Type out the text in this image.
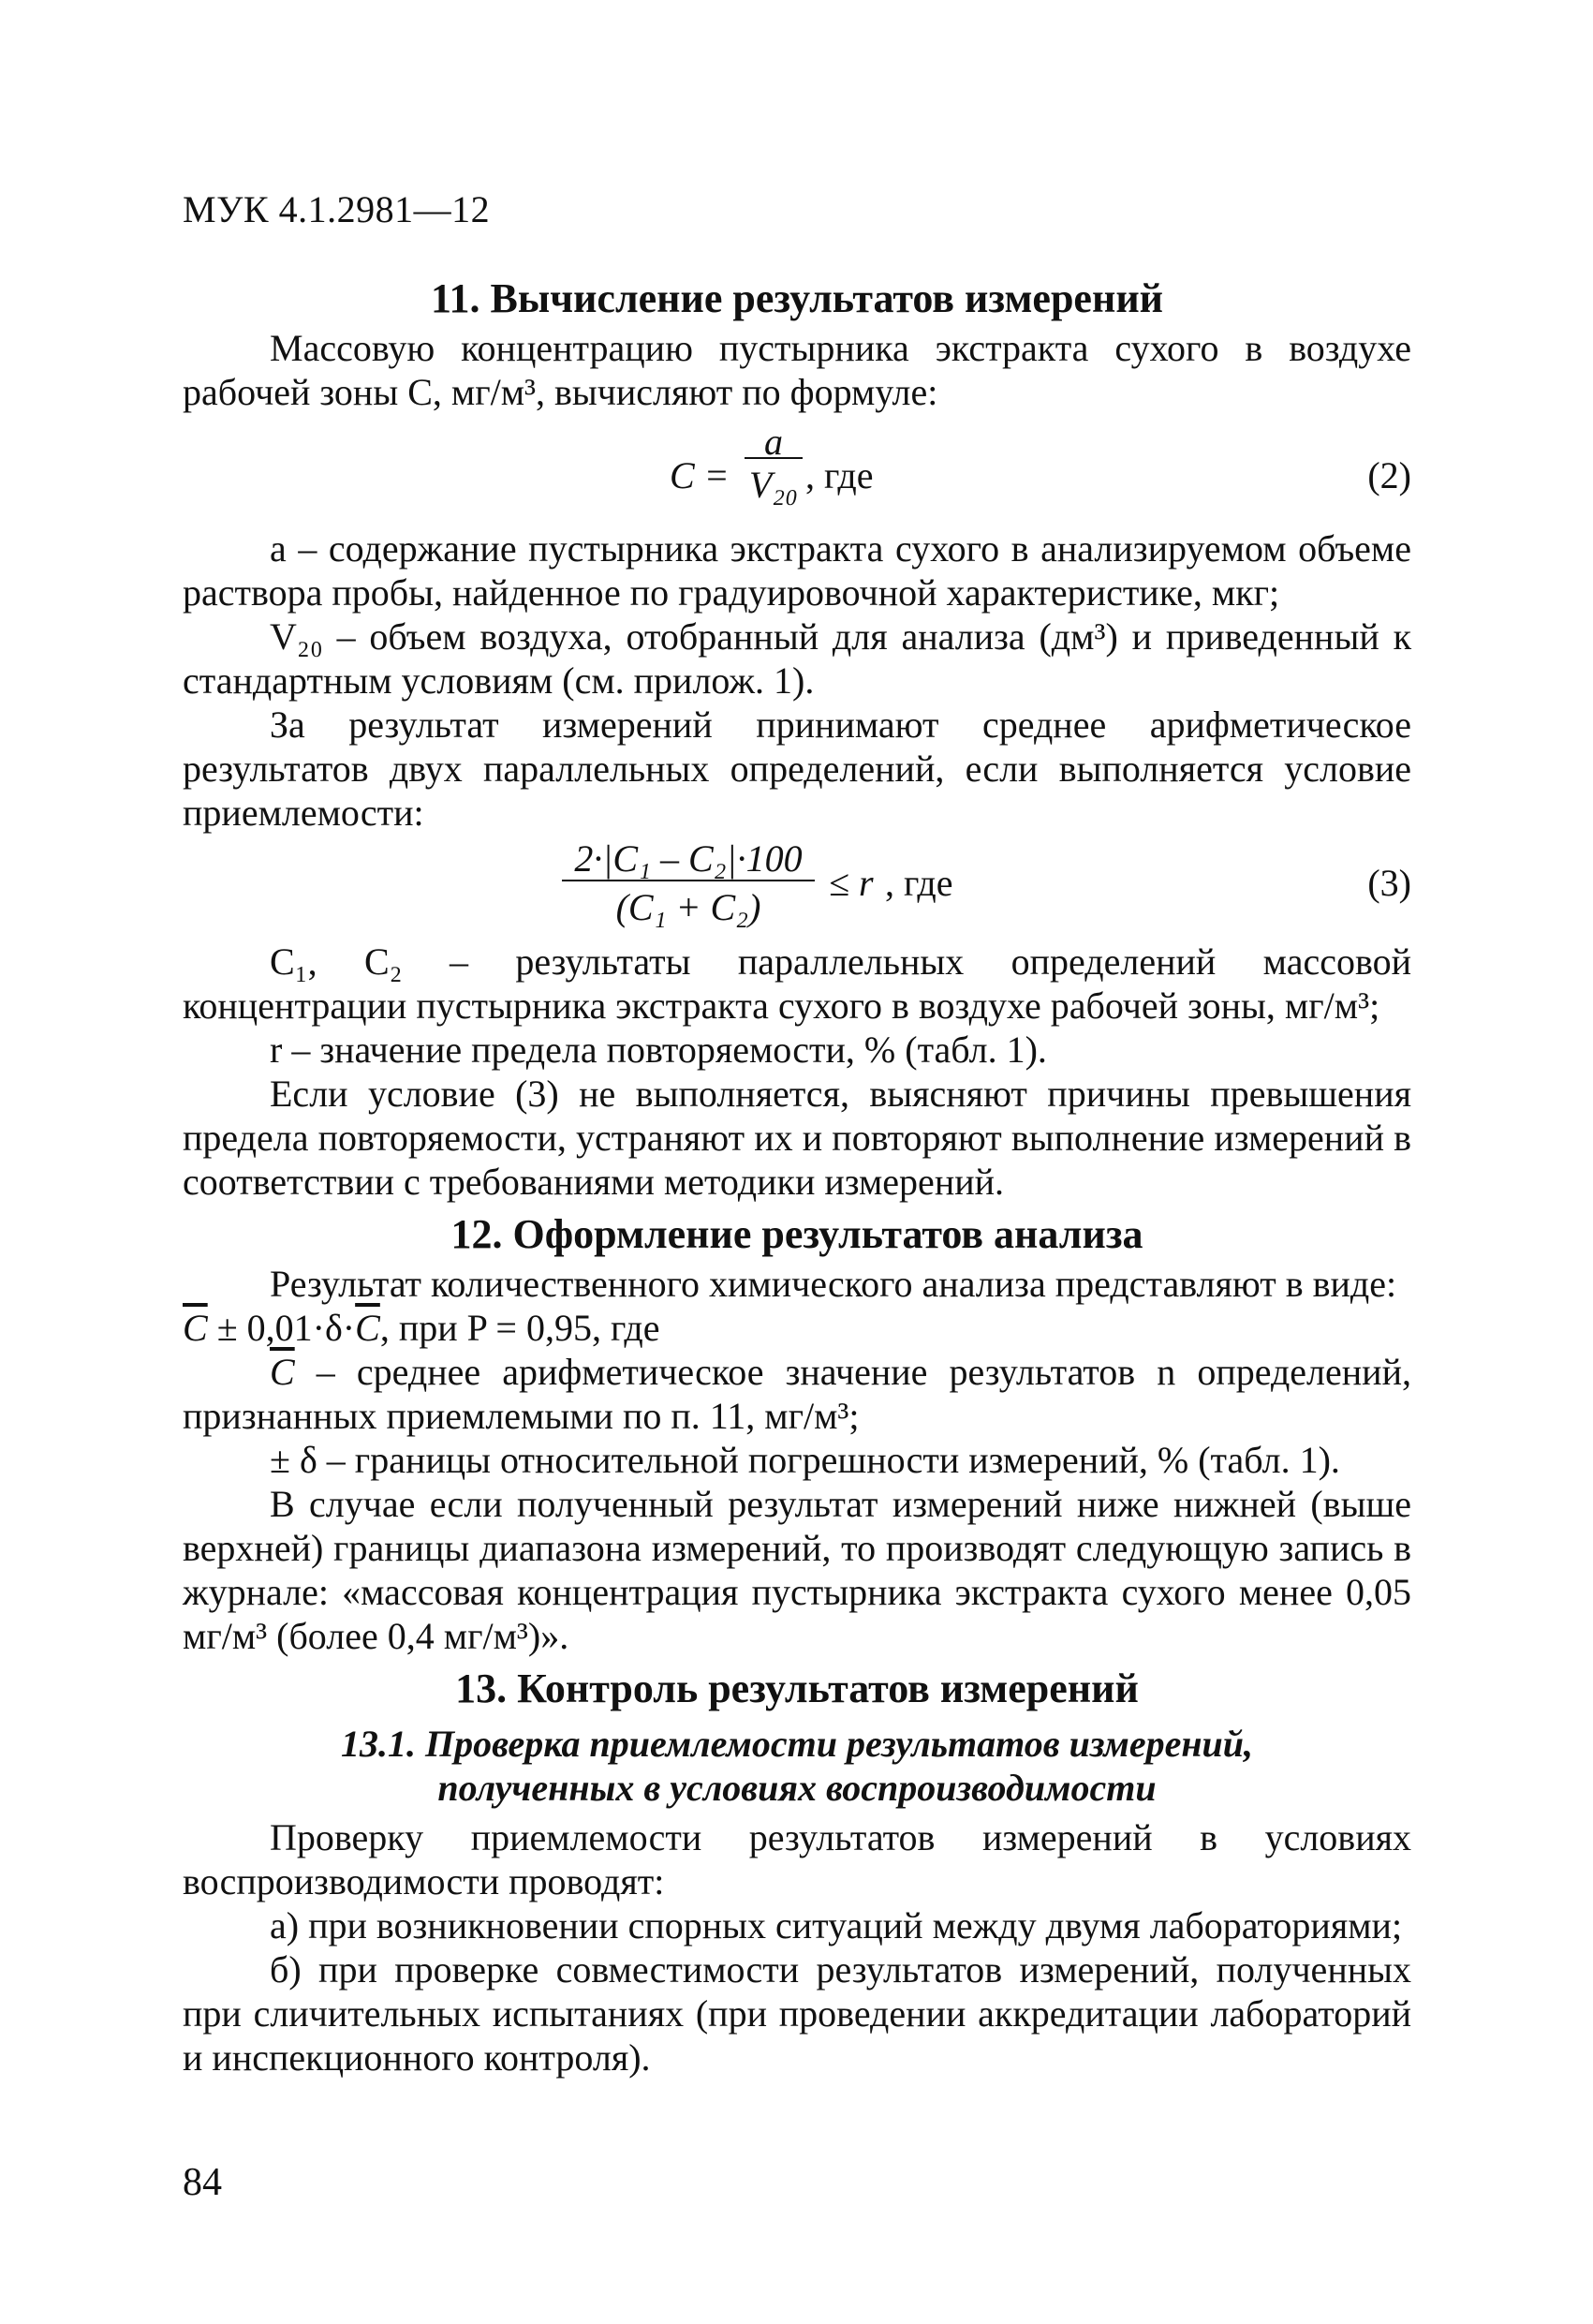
МУК 4.1.2981—12
11. Вычисление результатов измерений

Массовую концентрацию пустырника экстракта сухого в воздухе рабочей зоны C, мг/м³, вычисляют по формуле:

$C = \frac{a}{\text{V₂₀}}$ , где	(2)

a – содержание пустырника экстракта сухого в анализируемом объеме раствора пробы, найденное по градуировочной характеристике, мкг;

V₂₀ – объем воздуха, отобранный для анализа (дм³) и приведенный к стандартным условиям (см. прилож. 1).

За результат измерений принимают среднее арифметическое результатов двух параллельных определений, если выполняется условие приемлемости:

$\frac{\text{2·|C₁ – C₂|·100}}{\text{(C₁ + C₂)}} \le r$ , где	(3)

C₁, C₂ – результаты параллельных определений массовой концентрации пустырника экстракта сухого в воздухе рабочей зоны, мг/м³;

r – значение предела повторяемости, % (табл. 1).

Если условие (3) не выполняется, выясняют причины превышения предела повторяемости, устраняют их и повторяют выполнение измерений в соответствии с требованиями методики измерений.

12. Оформление результатов анализа

Результат количественного химического анализа представляют в виде:

$\overline{C} \pm 0,01\cdot\delta\cdot\overline{C}$, при P = 0,95, где

$\overline{C}$ – среднее арифметическое значение результатов n определений, признанных приемлемыми по п. 11, мг/м³;

± δ – границы относительной погрешности измерений, % (табл. 1).

В случае если полученный результат измерений ниже нижней (выше верхней) границы диапазона измерений, то производят следующую запись в журнале: «массовая концентрация пустырника экстракта сухого менее 0,05 мг/м³ (более 0,4 мг/м³)».

13. Контроль результатов измерений
13.1. Проверка приемлемости результатов измерений,
полученных в условиях воспроизводимости

Проверку приемлемости результатов измерений в условиях воспроизводимости проводят:

а) при возникновении спорных ситуаций между двумя лабораториями;

б) при проверке совместимости результатов измерений, полученных при сличительных испытаниях (при проведении аккредитации лабораторий и инспекционного контроля).

84
